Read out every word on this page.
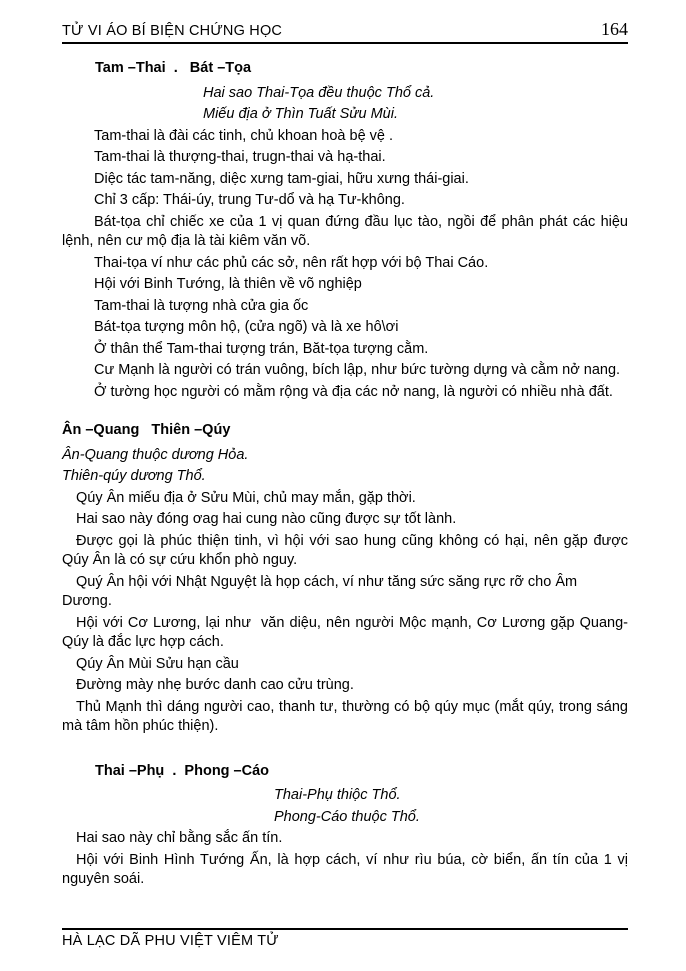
TỬ VI ÁO BÍ BIỆN CHỨNG HỌC	164
Tam –Thai  .   Bát –Tọa
Hai sao Thai-Tọa đều thuộc Thổ cả.
Miếu địa ở Thìn Tuất Sửu Mùi.
Tam-thai là đài các tinh, chủ khoan hoà bệ vệ .
Tam-thai là thượng-thai, trugn-thai và hạ-thai.
Diệc tác tam-năng, diệc xưng tam-giai, hữu xưng thái-giai.
Chỉ 3 cấp: Thái-úy, trung Tư-dổ và hạ Tư-không.
Bát-tọa chỉ chiếc xe của 1 vị quan đứng đầu lục tào, ngồi để phân phát các hiệu lệnh, nên cư mộ địa là tài kiêm văn võ.
Thai-tọa ví như các phủ các sở, nên rất hợp với bộ Thai Cáo.
Hội với Binh Tướng, là thiên về võ nghiệp
Tam-thai là tượng nhà cửa gia ốc
Bát-tọa tượng môn hộ, (cửa ngõ) và là xe hô\ơi
Ở thân thể Tam-thai tượng trán, Băt-tọa tượng cằm.
Cư Mạnh là người có trán vuông, bích lập, như bức tường dựng và cằm nở nang.
Ở tường học người có mằm rộng và địa các nở nang, là người có nhiều nhà đất.
Ân –Quang   Thiên –Qúy
Ân-Quang thuộc dương Hỏa.
Thiên-qúy dương Thổ.
Qúy Ân miếu địa ở Sửu Mùi, chủ may mắn, gặp thời.
Hai sao này đóng ơag hai cung nào cũng được sự tốt lành.
Được gọi là phúc thiện tinh, vì hội với sao hung cũng không có hại, nên gặp được Qúy Ân là có sự cứu khổn phò nguy.
Quý Ân hội với Nhật Nguyệt là họp cách, ví như tăng sức săng rực rỡ cho Âm Dương.
Hội với Cơ Lương, lại như  văn diệu, nên người Mộc mạnh, Cơ Lương gặp Quang-Qúy là đắc lực hợp cách.
Qúy Ân Mùi Sửu hạn cầu
Đường mày nhẹ bước danh cao cửu trùng.
Thủ Mạnh thì dáng người cao, thanh tư, thường có bộ qúy mục (mắt qúy, trong sáng mà tâm hồn phúc thiện).
Thai –Phụ  .  Phong –Cáo
Thai-Phụ thiộc Thổ.
Phong-Cáo thuộc Thổ.
Hai sao này chỉ bằng sắc ấn tín.
Hội với Binh Hình Tướng Ấn, là hợp cách, ví như rìu búa, cờ biển, ấn tín của 1 vị nguyên soái.
HÀ LẠC DÃ PHU VIỆT VIÊM TỬ
